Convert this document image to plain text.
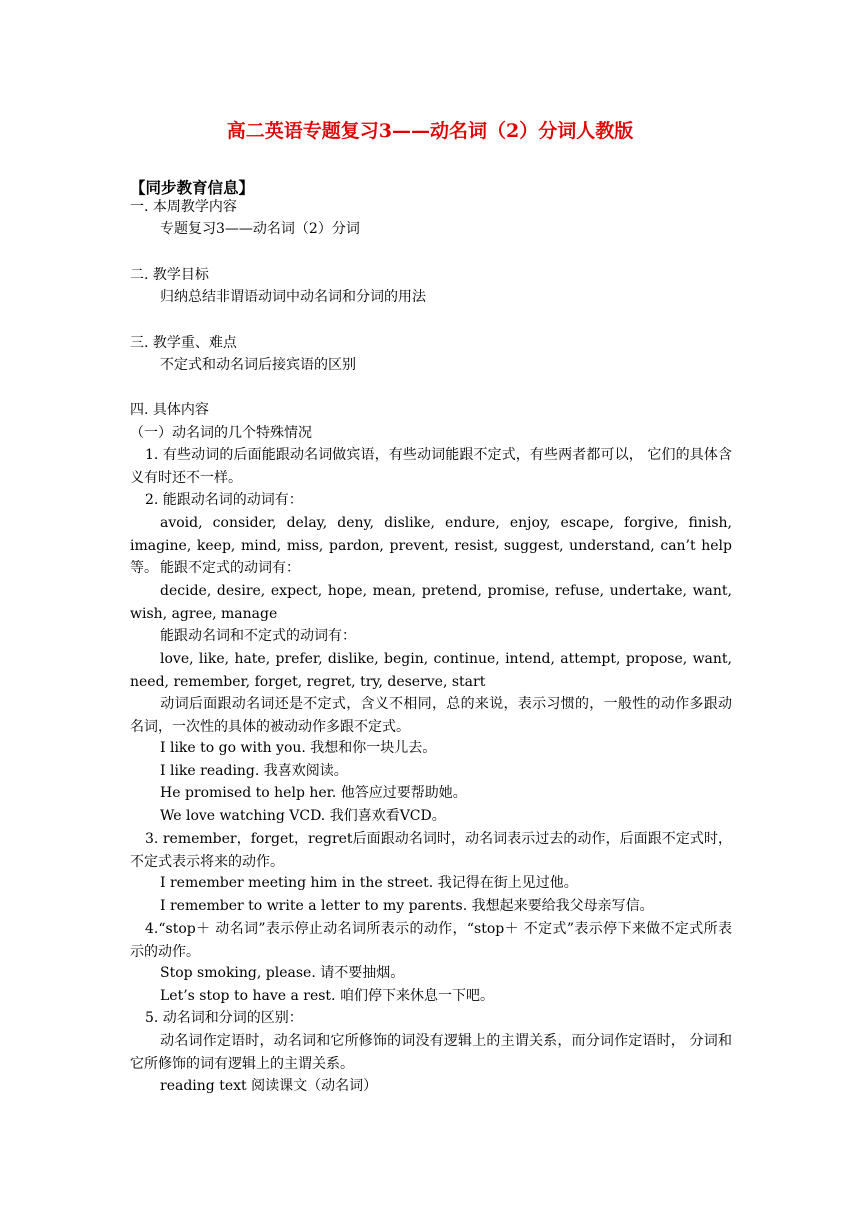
高二英语专题复习3——动名词（2）分词人教版
【同步教育信息】
一. 本周教学内容
专题复习3——动名词（2）分词
二. 教学目标
归纳总结非谓语动词中动名词和分词的用法
三. 教学重、难点
不定式和动名词后接宾语的区别
四. 具体内容
（一）动名词的几个特殊情况
1. 有些动词的后面能跟动名词做宾语，有些动词能跟不定式，有些两者都可以， 它们的具体含义有时还不一样。
2. 能跟动名词的动词有：
avoid, consider, delay, deny, dislike, endure, enjoy, escape, forgive, finish, imagine, keep, mind, miss, pardon, prevent, resist, suggest, understand, can’t help 等。 能跟不定式的动词有：
decide, desire, expect, hope, mean, pretend, promise, refuse, undertake, want, wish, agree, manage
能跟动名词和不定式的动词有：
love, like, hate, prefer, dislike, begin, continue, intend, attempt, propose, want, need, remember, forget, regret, try, deserve, start
动词后面跟动名词还是不定式，含义不相同，总的来说，表示习惯的，一般性的动作多跟动名词，一次性的具体的被动动作多跟不定式。
I like to go with you. 我想和你一块儿去。
I like reading. 我喜欢阅读。
He promised to help her. 他答应过要帮助她。
We love watching VCD. 我们喜欢看VCD。
3. remember，forget，regret后面跟动名词时，动名词表示过去的动作，后面跟不定式时，不定式表示将来的动作。
I remember meeting him in the street. 我记得在街上见过他。
I remember to write a letter to my parents. 我想起来要给我父母亲写信。
4.“stop＋ 动名词”表示停止动名词所表示的动作，“stop＋ 不定式”表示停下来做不定式所表示的动作。
Stop smoking, please. 请不要抽烟。
Let’s stop to have a rest. 咱们停下来休息一下吧。
5. 动名词和分词的区别：
动名词作定语时，动名词和它所修饰的词没有逻辑上的主谓关系，而分词作定语时， 分词和它所修饰的词有逻辑上的主谓关系。
reading text 阅读课文（动名词）
